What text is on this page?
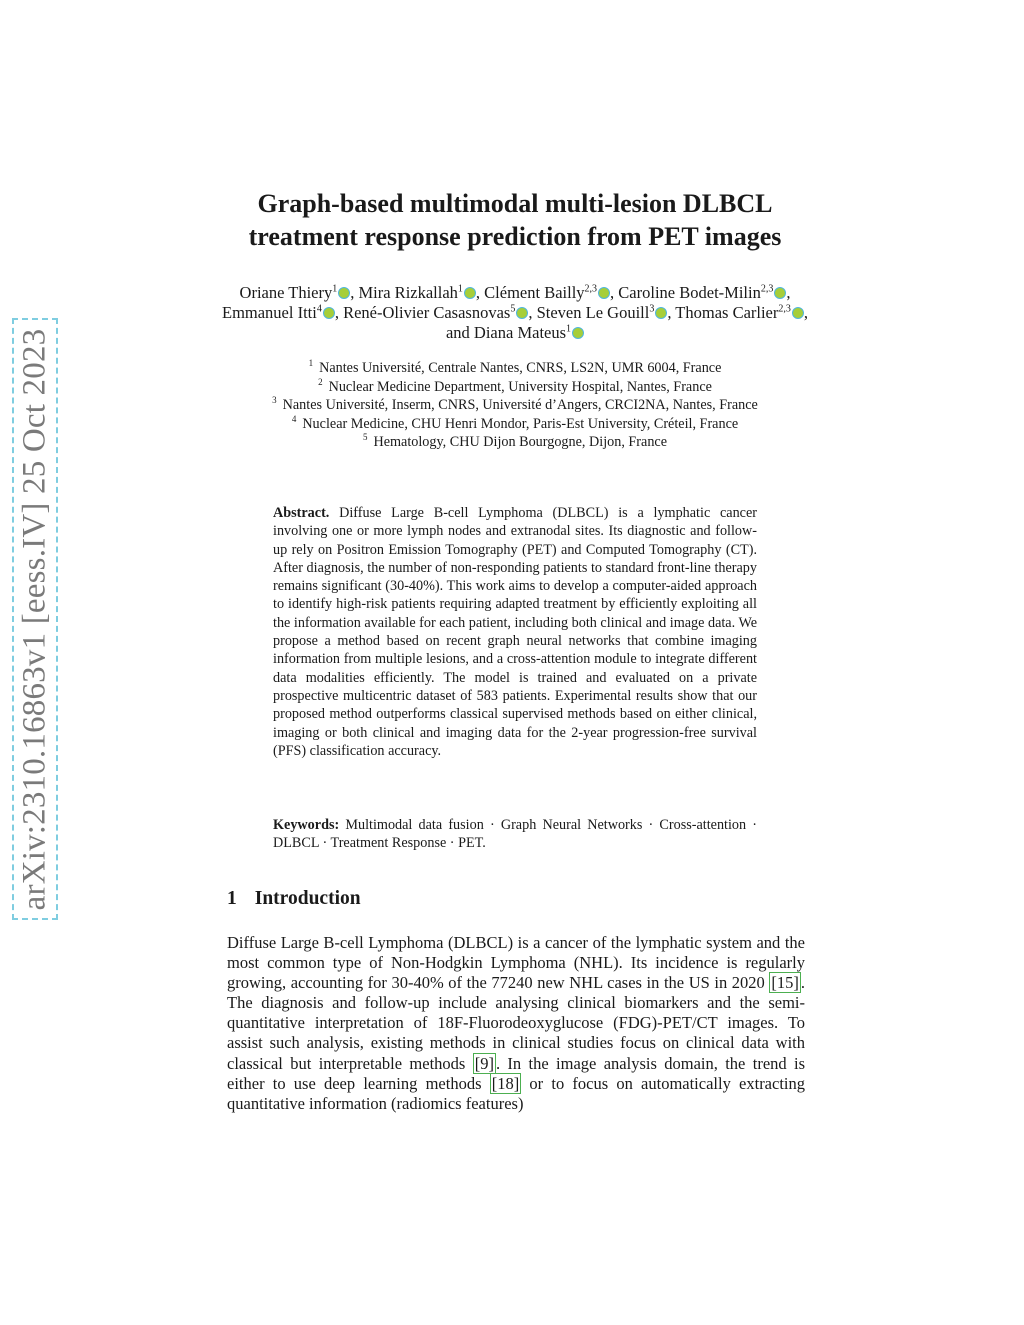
arXiv:2310.16863v1 [eess.IV] 25 Oct 2023
Graph-based multimodal multi-lesion DLBCL
treatment response prediction from PET images
Oriane Thiery$^1$ , Mira Rizkallah$^1$ , Clément Bailly$^{2,3}$ , Caroline Bodet-Milin$^{2,3}$ , Emmanuel Itti$^4$ , René-Olivier Casasnovas$^5$ , Steven Le Gouill$^3$ , Thomas Carlier$^{2,3}$ , and Diana Mateus$^1$
$^1$ Nantes Université, Centrale Nantes, CNRS, LS2N, UMR 6004, France
$^2$ Nuclear Medicine Department, University Hospital, Nantes, France
$^3$ Nantes Université, Inserm, CNRS, Université d’Angers, CRCI2NA, Nantes, France
$^4$ Nuclear Medicine, CHU Henri Mondor, Paris-Est University, Créteil, France
$^5$ Hematology, CHU Dijon Bourgogne, Dijon, France

Abstract. Diffuse Large B-cell Lymphoma (DLBCL) is a lymphatic cancer involving one or more lymph nodes and extranodal sites. Its diagnostic and follow-up rely on Positron Emission Tomography (PET) and Computed Tomography (CT). After diagnosis, the number of non-responding patients to standard front-line therapy remains significant (30-40%). This work aims to develop a computer-aided approach to identify high-risk patients requiring adapted treatment by efficiently exploiting all the information available for each patient, including both clinical and image data. We propose a method based on recent graph neural networks that combine imaging information from multiple lesions, and a cross-attention module to integrate different data modalities efficiently. The model is trained and evaluated on a private prospective multicentric dataset of 583 patients. Experimental results show that our proposed method outperforms classical supervised methods based on either clinical, imaging or both clinical and imaging data for the 2-year progression-free survival (PFS) classification accuracy.

Keywords: Multimodal data fusion · Graph Neural Networks · Cross-attention · DLBCL · Treatment Response · PET.

1 Introduction

Diffuse Large B-cell Lymphoma (DLBCL) is a cancer of the lymphatic system and the most common type of Non-Hodgkin Lymphoma (NHL). Its incidence is regularly growing, accounting for 30-40% of the 77240 new NHL cases in the US in 2020 [15] . The diagnosis and follow-up include analysing clinical biomarkers and the semi-quantitative interpretation of 18F-Fluorodeoxyglucose (FDG)-PET/CT images. To assist such analysis, existing methods in clinical studies focus on clinical data with classical but interpretable methods [9] . In the image analysis domain, the trend is either to use deep learning methods [18] or to focus on automatically extracting quantitative information (radiomics features)
